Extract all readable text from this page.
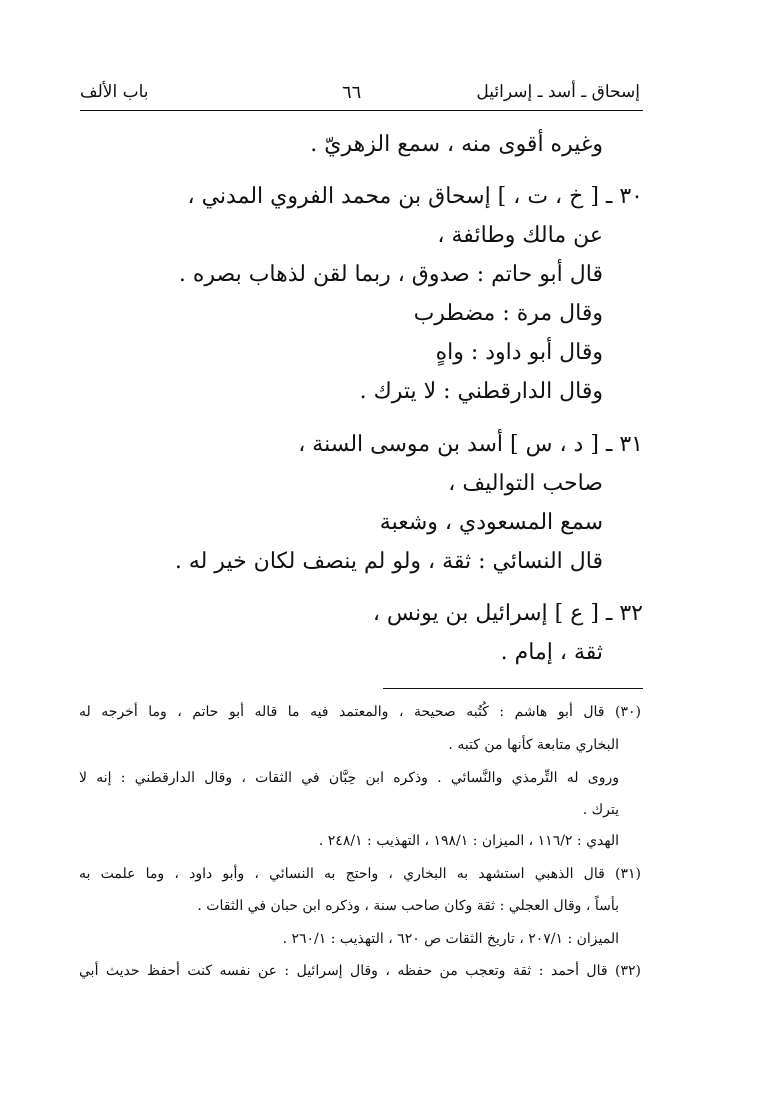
باب الألف	٦٦	إسحاق ـ أسد ـ إسرائيل
وغيره أقوى منه ، سمع الزهريّ .
٣٠ ـ [ خ ، ت ، ] إسحاق بن محمد الفروي المدني ،
عن مالك وطائفة ،
قال أبو حاتم : صدوق ، ربما لقن لذهاب بصره .
وقال مرة : مضطرب
وقال أبو داود : واهٍ
وقال الدارقطني : لا يترك .
٣١ ـ [ د ، س ] أسد بن موسى السنة ،
صاحب التواليف ،
سمع المسعودي ، وشعبة
قال النسائي : ثقة ، ولو لم ينصف لكان خير له .
٣٢ ـ [ ع ] إسرائيل بن يونس ،
ثقة ، إمام .
(٣٠) قال أبو هاشم : كُتُبه صحيحة ، والمعتمد فيه ما قاله أبو حاتم ، وما أخرجه له
البخاري متابعة كأنها من كتبه .
وروى له التِّرمذي والنَّسائي . وذكره ابن حِبَّان في الثقات ، وقال الدارقطني : إنه لا
يترك .
الهدي : ١١٦/٢ ، الميزان : ١٩٨/١ ، التهذيب : ٢٤٨/١ .
(٣١) قال الذهبي استشهد به البخاري ، واحتج به النسائي ، وأبو داود ، وما علمت به
بأساً ، وقال العجلي : ثقة وكان صاحب سنة ، وذكره ابن حبان في الثقات .
الميزان : ٢٠٧/١ ، تاريخ الثقات ص ٦٢٠ ، التهذيب : ٢٦٠/١ .
(٣٢) قال أحمد : ثقة وتعجب من حفظه ، وقال إسرائيل : عن نفسه كنت أحفظ حديث أبي
